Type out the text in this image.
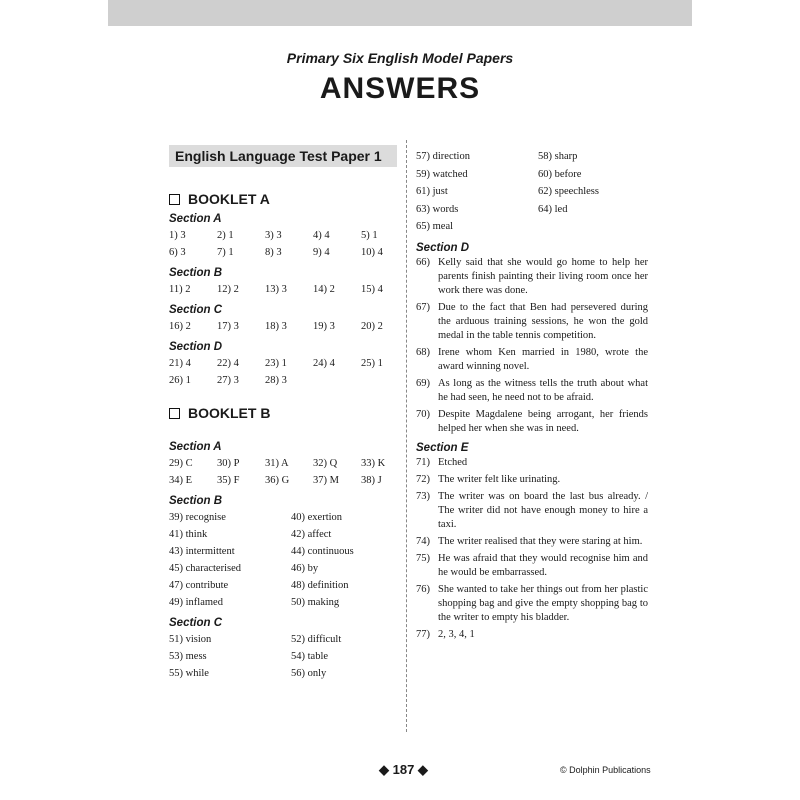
Primary Six English Model Papers
ANSWERS
English Language Test Paper 1
BOOKLET A
Section A
1) 3	2) 1	3) 3	4) 4	5) 1
6) 3	7) 1	8) 3	9) 4	10) 4
Section B
11) 2	12) 2	13) 3	14) 2	15) 4
Section C
16) 2	17) 3	18) 3	19) 3	20) 2
Section D
21) 4	22) 4	23) 1	24) 4	25) 1
26) 1	27) 3	28) 3
BOOKLET B
Section A
29) C	30) P	31) A	32) Q	33) K
34) E	35) F	36) G	37) M	38) J
Section B
39) recognise	40) exertion
41) think	42) affect
43) intermittent	44) continuous
45) characterised	46) by
47) contribute	48) definition
49) inflamed	50) making
Section C
51) vision	52) difficult
53) mess	54) table
55) while	56) only
57) direction	58) sharp
59) watched	60) before
61) just	62) speechless
63) words	64) led
65) meal
Section D
66) Kelly said that she would go home to help her parents finish painting their living room once her work there was done.
67) Due to the fact that Ben had persevered during the arduous training sessions, he won the gold medal in the table tennis competition.
68) Irene whom Ken married in 1980, wrote the award winning novel.
69) As long as the witness tells the truth about what he had seen, he need not to be afraid.
70) Despite Magdalene being arrogant, her friends helped her when she was in need.
Section E
71) Etched
72) The writer felt like urinating.
73) The writer was on board the last bus already. / The writer did not have enough money to hire a taxi.
74) The writer realised that they were staring at him.
75) He was afraid that they would recognise him and he would be embarrassed.
76) She wanted to take her things out from her plastic shopping bag and give the empty shopping bag to the writer to empty his bladder.
77) 2, 3, 4, 1
◆ 187 ◆	© Dolphin Publications
